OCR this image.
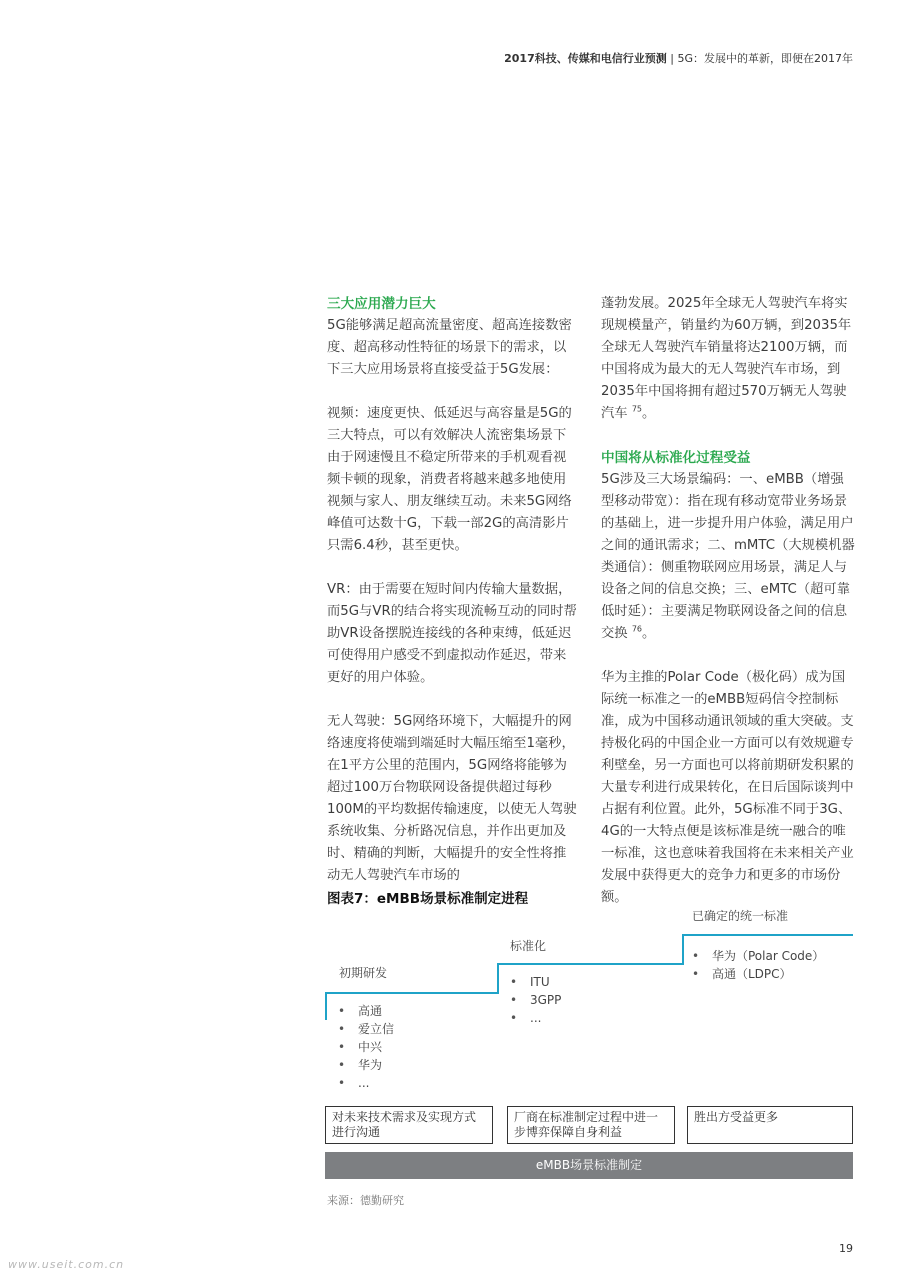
2017科技、传媒和电信行业预测 | 5G：发展中的革新，即便在2017年

三大应用潜力巨大

5G能够满足超高流量密度、超高连接数密度、超高移动性特征的场景下的需求，以下三大应用场景将直接受益于5G发展：

视频：速度更快、低延迟与高容量是5G的三大特点，可以有效解决人流密集场景下由于网速慢且不稳定所带来的手机观看视频卡顿的现象，消费者将越来越多地使用视频与家人、朋友继续互动。未来5G网络峰值可达数十G，下载一部2G的高清影片只需6.4秒，甚至更快。

VR：由于需要在短时间内传输大量数据，而5G与VR的结合将实现流畅互动的同时帮助VR设备摆脱连接线的各种束缚，低延迟可使得用户感受不到虚拟动作延迟，带来更好的用户体验。

无人驾驶：5G网络环境下，大幅提升的网络速度将使端到端延时大幅压缩至1毫秒，在1平方公里的范围内，5G网络将能够为超过100万台物联网设备提供超过每秒100M的平均数据传输速度，以使无人驾驶系统收集、分析路况信息，并作出更加及时、精确的判断，大幅提升的安全性将推动无人驾驶汽车市场的

蓬勃发展。2025年全球无人驾驶汽车将实现规模量产，销量约为60万辆，到2035年全球无人驾驶汽车销量将达2100万辆，而中国将成为最大的无人驾驶汽车市场，到2035年中国将拥有超过570万辆无人驾驶汽车 $^{75}$。

中国将从标准化过程受益

5G涉及三大场景编码：一、eMBB（增强型移动带宽）：指在现有移动宽带业务场景的基础上，进一步提升用户体验，满足用户之间的通讯需求；二、mMTC（大规模机器类通信）：侧重物联网应用场景，满足人与设备之间的信息交换；三、eMTC（超可靠低时延）：主要满足物联网设备之间的信息交换 $^{76}$。

华为主推的Polar Code（极化码）成为国际统一标准之一的eMBB短码信令控制标准，成为中国移动通讯领域的重大突破。支持极化码的中国企业一方面可以有效规避专利壁垒，另一方面也可以将前期研发积累的大量专利进行成果转化，在日后国际谈判中占据有利位置。此外，5G标准不同于3G、4G的一大特点便是该标准是统一融合的唯一标准，这也意味着我国将在未来相关产业发展中获得更大的竞争力和更多的市场份额。

图表7：eMBB场景标准制定进程
初期研发
标准化
已确定的统一标准
• 高通
• 爱立信
• 中兴
• 华为
• ...
• ITU
• 3GPP
• ...
• 华为（Polar Code）
• 高通（LDPC）
对未来技术需求及实现方式进行沟通
厂商在标准制定过程中进一步博弈保障自身利益
胜出方受益更多
eMBB场景标准制定
来源：德勤研究
19
www.useit.com.cn
